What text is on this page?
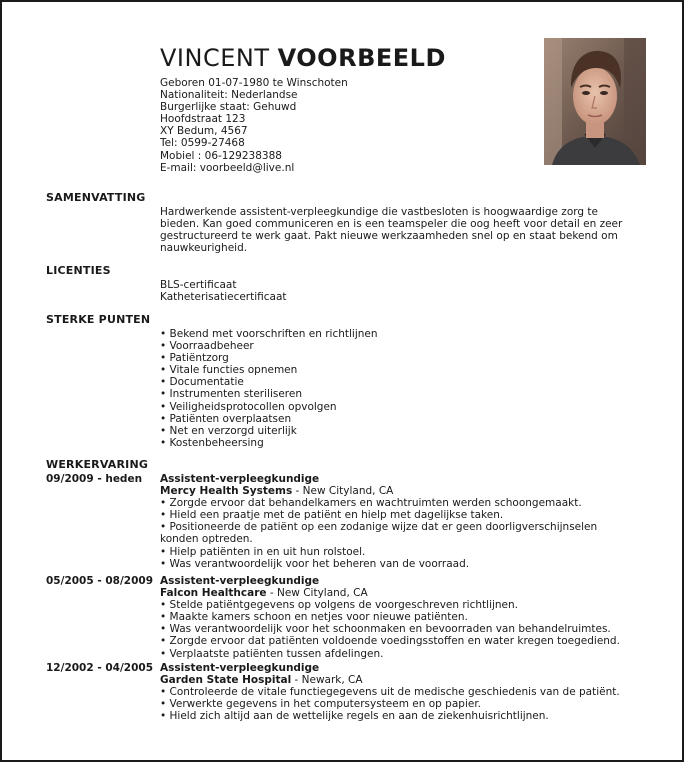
VINCENT VOORBEELD
Geboren 01-07-1980 te Winschoten
Nationaliteit: Nederlandse
Burgerlijke staat: Gehuwd
Hoofdstraat 123
XY Bedum, 4567
Tel: 0599-27468
Mobiel : 06-129238388
E-mail: voorbeeld@live.nl
SAMENVATTING
Hardwerkende assistent-verpleegkundige die vastbesloten is hoogwaardige zorg te
bieden. Kan goed communiceren en is een teamspeler die oog heeft voor detail en zeer
gestructureerd te werk gaat. Pakt nieuwe werkzaamheden snel op en staat bekend om
nauwkeurigheid.
LICENTIES
BLS-certificaat
Katheterisatiecertificaat
STERKE PUNTEN
• Bekend met voorschriften en richtlijnen
• Voorraadbeheer
• Patiëntzorg
• Vitale functies opnemen
• Documentatie
• Instrumenten steriliseren
• Veiligheidsprotocollen opvolgen
• Patiënten overplaatsen
• Net en verzorgd uiterlijk
• Kostenbeheersing
WERKERVARING
09/2009 - heden Assistent-verpleegkundige
Mercy Health Systems - New Cityland, CA
• Zorgde ervoor dat behandelkamers en wachtruimten werden schoongemaakt.
• Hield een praatje met de patiënt en hielp met dagelijkse taken.
• Positioneerde de patiënt op een zodanige wijze dat er geen doorligverschijnselen
konden optreden.
• Hielp patiënten in en uit hun rolstoel.
• Was verantwoordelijk voor het beheren van de voorraad.
05/2005 - 08/2009 Assistent-verpleegkundige
Falcon Healthcare - New Cityland, CA
• Stelde patiëntgegevens op volgens de voorgeschreven richtlijnen.
• Maakte kamers schoon en netjes voor nieuwe patiënten.
• Was verantwoordelijk voor het schoonmaken en bevoorraden van behandelruimtes.
• Zorgde ervoor dat patiënten voldoende voedingsstoffen en water kregen toegediend.
• Verplaatste patiënten tussen afdelingen.
12/2002 - 04/2005 Assistent-verpleegkundige
Garden State Hospital - Newark, CA
• Controleerde de vitale functiegegevens uit de medische geschiedenis van de patiënt.
• Verwerkte gegevens in het computersysteem en op papier.
• Hield zich altijd aan de wettelijke regels en aan de ziekenhuisrichtlijnen.
